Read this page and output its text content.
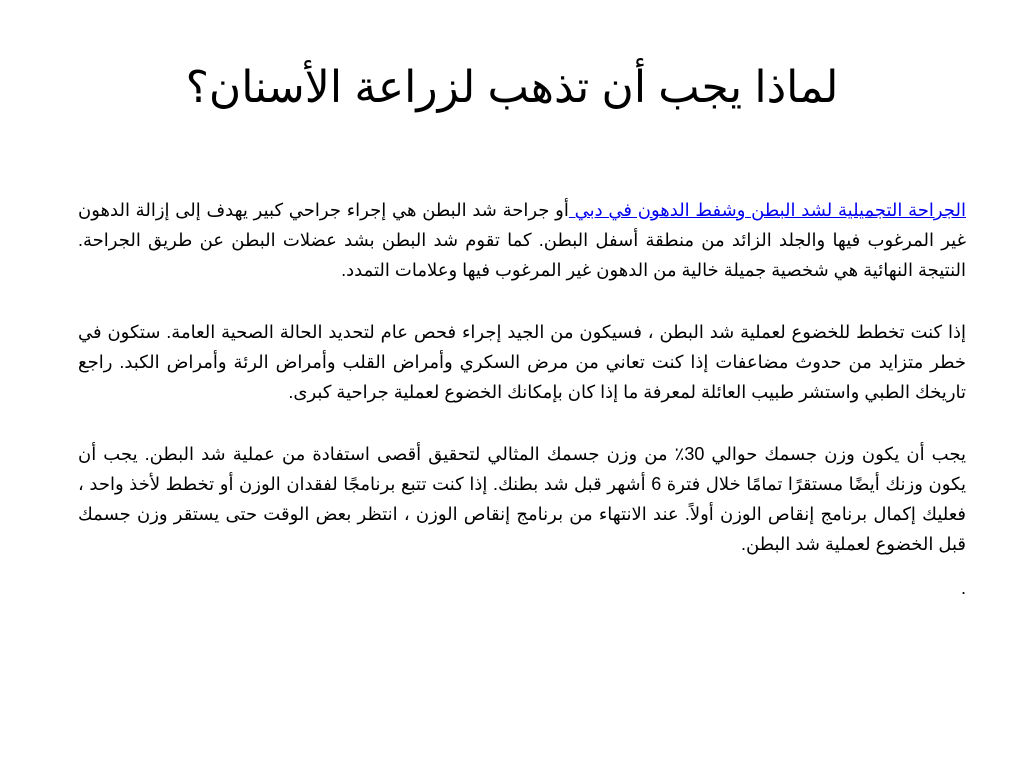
لماذا يجب أن تذهب لزراعة الأسنان؟

الجراحة التجميلية لشد البطن وشفط الدهون في دبي أو جراحة شد البطن هي إجراء جراحي كبير يهدف إلى إزالة الدهون غير المرغوب فيها والجلد الزائد من منطقة أسفل البطن. كما تقوم شد البطن بشد عضلات البطن عن طريق الجراحة. النتيجة النهائية هي شخصية جميلة خالية من الدهون غير المرغوب فيها وعلامات التمدد.

إذا كنت تخطط للخضوع لعملية شد البطن ، فسيكون من الجيد إجراء فحص عام لتحديد الحالة الصحية العامة. ستكون في خطر متزايد من حدوث مضاعفات إذا كنت تعاني من مرض السكري وأمراض القلب وأمراض الرئة وأمراض الكبد. راجع تاريخك الطبي واستشر طبيب العائلة لمعرفة ما إذا كان بإمكانك الخضوع لعملية جراحية كبرى.

يجب أن يكون وزن جسمك حوالي 30٪ من وزن جسمك المثالي لتحقيق أقصى استفادة من عملية شد البطن. يجب أن يكون وزنك أيضًا مستقرًا تمامًا خلال فترة 6 أشهر قبل شد بطنك. إذا كنت تتبع برنامجًا لفقدان الوزن أو تخطط لأخذ واحد ، فعليك إكمال برنامج إنقاص الوزن أولاً. عند الانتهاء من برنامج إنقاص الوزن ، انتظر بعض الوقت حتى يستقر وزن جسمك قبل الخضوع لعملية شد البطن.

.
